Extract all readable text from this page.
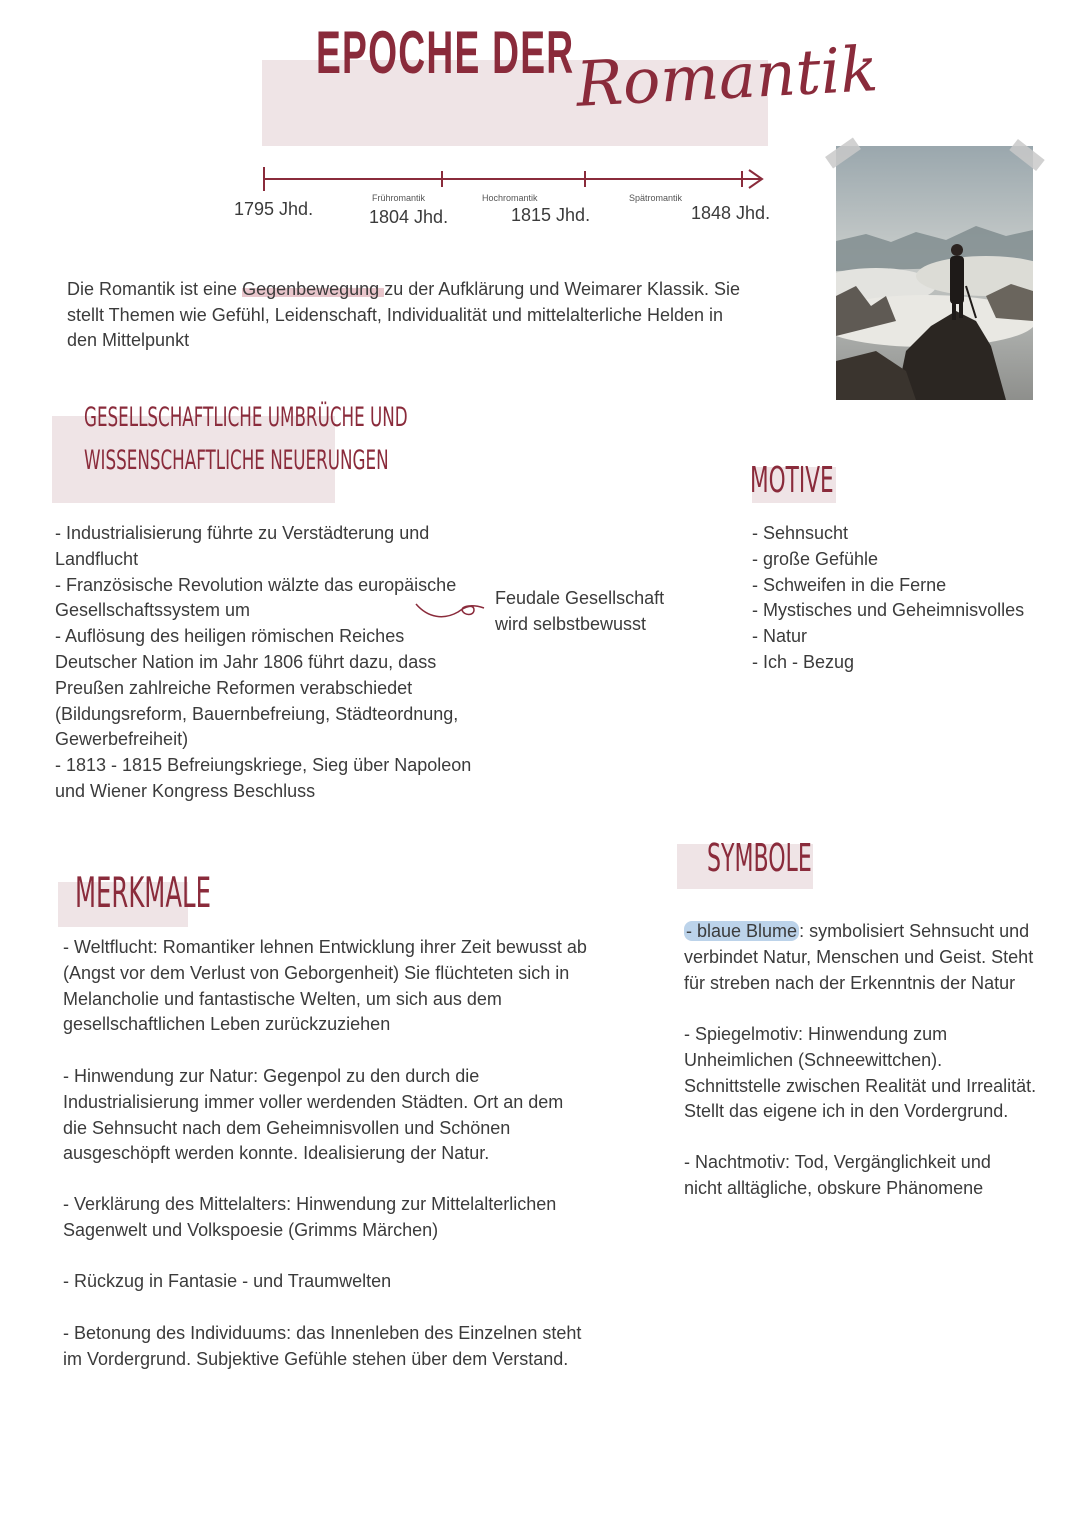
EPOCHE DER Romantik
1795 Jhd.	1804 Jhd.	1815 Jhd.	1848 Jhd.
Frühromantik	Hochromantik	Spätromantik

Die Romantik ist eine Gegenbewegung zu der Aufklärung und Weimarer Klassik. Sie

stellt Themen wie Gefühl, Leidenschaft, Individualität und mittelalterliche Helden in

den Mittelpunkt

GESELLSCHAFTLICHE UMBRÜCHE UND
WISSENSCHAFTLICHE NEUERUNGEN
- Industrialisierung führte zu Verstädterung und
Landflucht
- Französische Revolution wälzte das europäische
Gesellschaftssystem um
- Auflösung des heiligen römischen Reiches
Deutscher Nation im Jahr 1806 führt dazu, dass
Preußen zahlreiche Reformen verabschiedet
(Bildungsreform, Bauernbefreiung, Städteordnung,
Gewerbefreiheit)
- 1813 - 1815 Befreiungskriege, Sieg über Napoleon
und Wiener Kongress Beschluss
Feudale Gesellschaft
wird selbstbewusst
MOTIVE
- Sehnsucht
- große Gefühle
- Schweifen in die Ferne
- Mystisches und Geheimnisvolles
- Natur
- Ich - Bezug
MERKMALE
- Weltflucht: Romantiker lehnen Entwicklung ihrer Zeit bewusst ab
(Angst vor dem Verlust von Geborgenheit) Sie flüchteten sich in
Melancholie und fantastische Welten, um sich aus dem
gesellschaftlichen Leben zurückzuziehen
- Hinwendung zur Natur: Gegenpol zu den durch die
Industrialisierung immer voller werdenden Städten. Ort an dem
die Sehnsucht nach dem Geheimnisvollen und Schönen
ausgeschöpft werden konnte. Idealisierung der Natur.
- Verklärung des Mittelalters: Hinwendung zur Mittelalterlichen
Sagenwelt und Volkspoesie (Grimms Märchen)
- Rückzug in Fantasie - und Traumwelten
- Betonung des Individuums: das Innenleben des Einzelnen steht
im Vordergrund. Subjektive Gefühle stehen über dem Verstand.
SYMBOLE
- blaue Blume : symbolisiert Sehnsucht und
verbindet Natur, Menschen und Geist. Steht
für streben nach der Erkenntnis der Natur
- Spiegelmotiv: Hinwendung zum
Unheimlichen (Schneewittchen).
Schnittstelle zwischen Realität und Irrealität.
Stellt das eigene ich in den Vordergrund.
- Nachtmotiv: Tod, Vergänglichkeit und
nicht alltägliche, obskure Phänomene
